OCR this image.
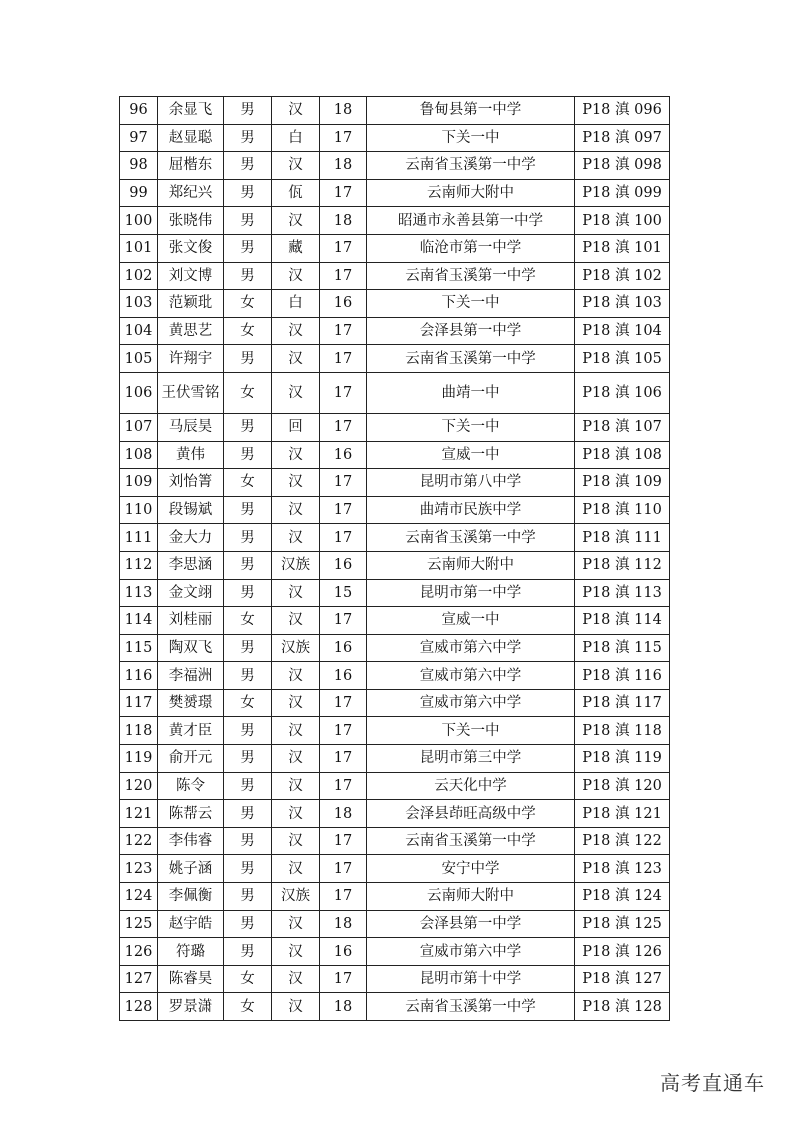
96	余显飞	男	汉	18	鲁甸县第一中学	P18 滇 096
97	赵显聪	男	白	17	下关一中	P18 滇 097
98	屈楷东	男	汉	18	云南省玉溪第一中学	P18 滇 098
99	郑纪兴	男	佤	17	云南师大附中	P18 滇 099
100	张晓伟	男	汉	18	昭通市永善县第一中学	P18 滇 100
101	张文俊	男	藏	17	临沧市第一中学	P18 滇 101
102	刘文博	男	汉	17	云南省玉溪第一中学	P18 滇 102
103	范颖玭	女	白	16	下关一中	P18 滇 103
104	黄思艺	女	汉	17	会泽县第一中学	P18 滇 104
105	许翔宇	男	汉	17	云南省玉溪第一中学	P18 滇 105
106	王伏雪铭	女	汉	17	曲靖一中	P18 滇 106
107	马辰昊	男	回	17	下关一中	P18 滇 107
108	黄伟	男	汉	16	宣威一中	P18 滇 108
109	刘怡箐	女	汉	17	昆明市第八中学	P18 滇 109
110	段锡斌	男	汉	17	曲靖市民族中学	P18 滇 110
111	金大力	男	汉	17	云南省玉溪第一中学	P18 滇 111
112	李思涵	男	汉族	16	云南师大附中	P18 滇 112
113	金文翊	男	汉	15	昆明市第一中学	P18 滇 113
114	刘桂丽	女	汉	17	宣威一中	P18 滇 114
115	陶双飞	男	汉族	16	宣威市第六中学	P18 滇 115
116	李福洲	男	汉	16	宣威市第六中学	P18 滇 116
117	樊赟璟	女	汉	17	宣威市第六中学	P18 滇 117
118	黄才臣	男	汉	17	下关一中	P18 滇 118
119	俞开元	男	汉	17	昆明市第三中学	P18 滇 119
120	陈令	男	汉	17	云天化中学	P18 滇 120
121	陈帮云	男	汉	18	会泽县茚旺高级中学	P18 滇 121
122	李伟睿	男	汉	17	云南省玉溪第一中学	P18 滇 122
123	姚子涵	男	汉	17	安宁中学	P18 滇 123
124	李佩衡	男	汉族	17	云南师大附中	P18 滇 124
125	赵宇皓	男	汉	18	会泽县第一中学	P18 滇 125
126	符璐	男	汉	16	宣威市第六中学	P18 滇 126
127	陈睿昊	女	汉	17	昆明市第十中学	P18 滇 127
128	罗景潇	女	汉	18	云南省玉溪第一中学	P18 滇 128
高考直通车
